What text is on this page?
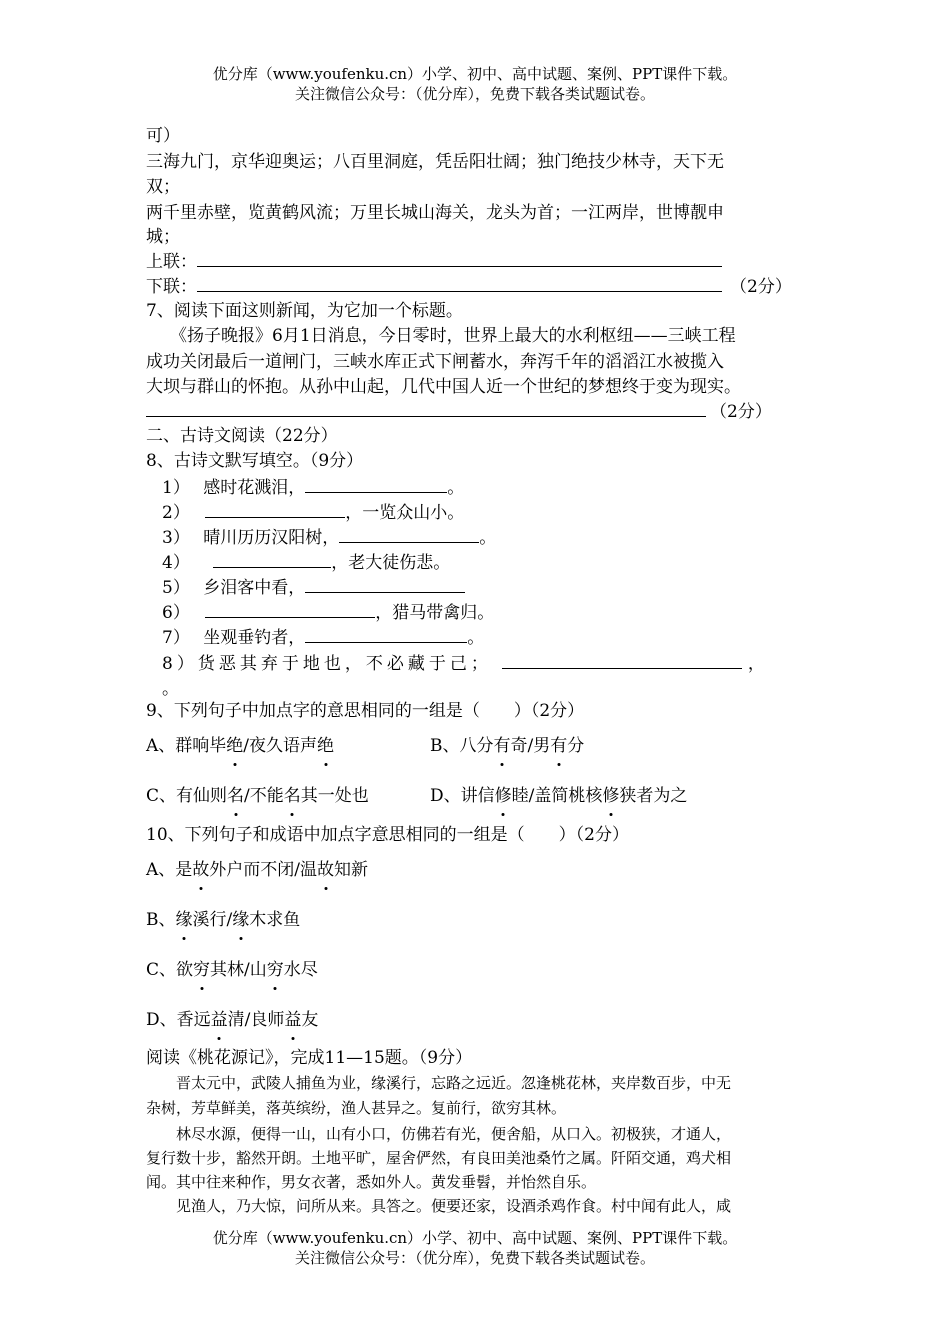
优分库（www.youfenku.cn）小学、初中、高中试题、案例、PPT课件下载。
关注微信公众号：（优分库），免费下载各类试题试卷。
可）
三海九门，京华迎奥运；八百里洞庭，凭岳阳壮阔；独门绝技少林寺，天下无
双；
两千里赤壁，览黄鹤风流；万里长城山海关，龙头为首；一江两岸，世博靓申
城；
上联：
下联：	（2分）
7、阅读下面这则新闻，为它加一个标题。
《扬子晚报》6月1日消息，今日零时，世界上最大的水利枢纽——三峡工程
成功关闭最后一道闸门，三峡水库正式下闸蓄水，奔泻千年的滔滔江水被揽入
大坝与群山的怀抱。从孙中山起，几代中国人近一个世纪的梦想终于变为现实。
（2分）
二、古诗文阅读（22分）
8、古诗文默写填空。（9分）
1） 感时花溅泪，	。
2）	，一览众山小。
3） 晴川历历汉阳树，	。
4）	，老大徒伤悲。
5） 乡泪客中看，
6）	，猎马带禽归。
7） 坐观垂钓者，	。
8）货恶其弃于地也，不必藏于己；	，
。
9、下列句子中加点字的意思相同的一组是（　　）（2分）
A、群响毕绝/夜久语声绝	B、八分有奇/男有分
C、有仙则名/不能名其一处也	D、讲信修睦/盖简桃核修狭者为之
10、下列句子和成语中加点字意思相同的一组是（　　）（2分）
A、是故外户而不闭/温故知新
B、缘溪行/缘木求鱼
C、欲穷其林/山穷水尽
D、香远益清/良师益友
阅读《桃花源记》，完成11—15题。（9分）
晋太元中，武陵人捕鱼为业，缘溪行，忘路之远近。忽逢桃花林，夹岸数百步，中无
杂树，芳草鲜美，落英缤纷，渔人甚异之。复前行，欲穷其林。
林尽水源，便得一山，山有小口，仿佛若有光，便舍船，从口入。初极狭，才通人，
复行数十步，豁然开朗。土地平旷，屋舍俨然，有良田美池桑竹之属。阡陌交通，鸡犬相
闻。其中往来种作，男女衣著，悉如外人。黄发垂髫，并怡然自乐。
见渔人，乃大惊，问所从来。具答之。便要还家，设酒杀鸡作食。村中闻有此人，咸
优分库（www.youfenku.cn）小学、初中、高中试题、案例、PPT课件下载。
关注微信公众号：（优分库），免费下载各类试题试卷。
